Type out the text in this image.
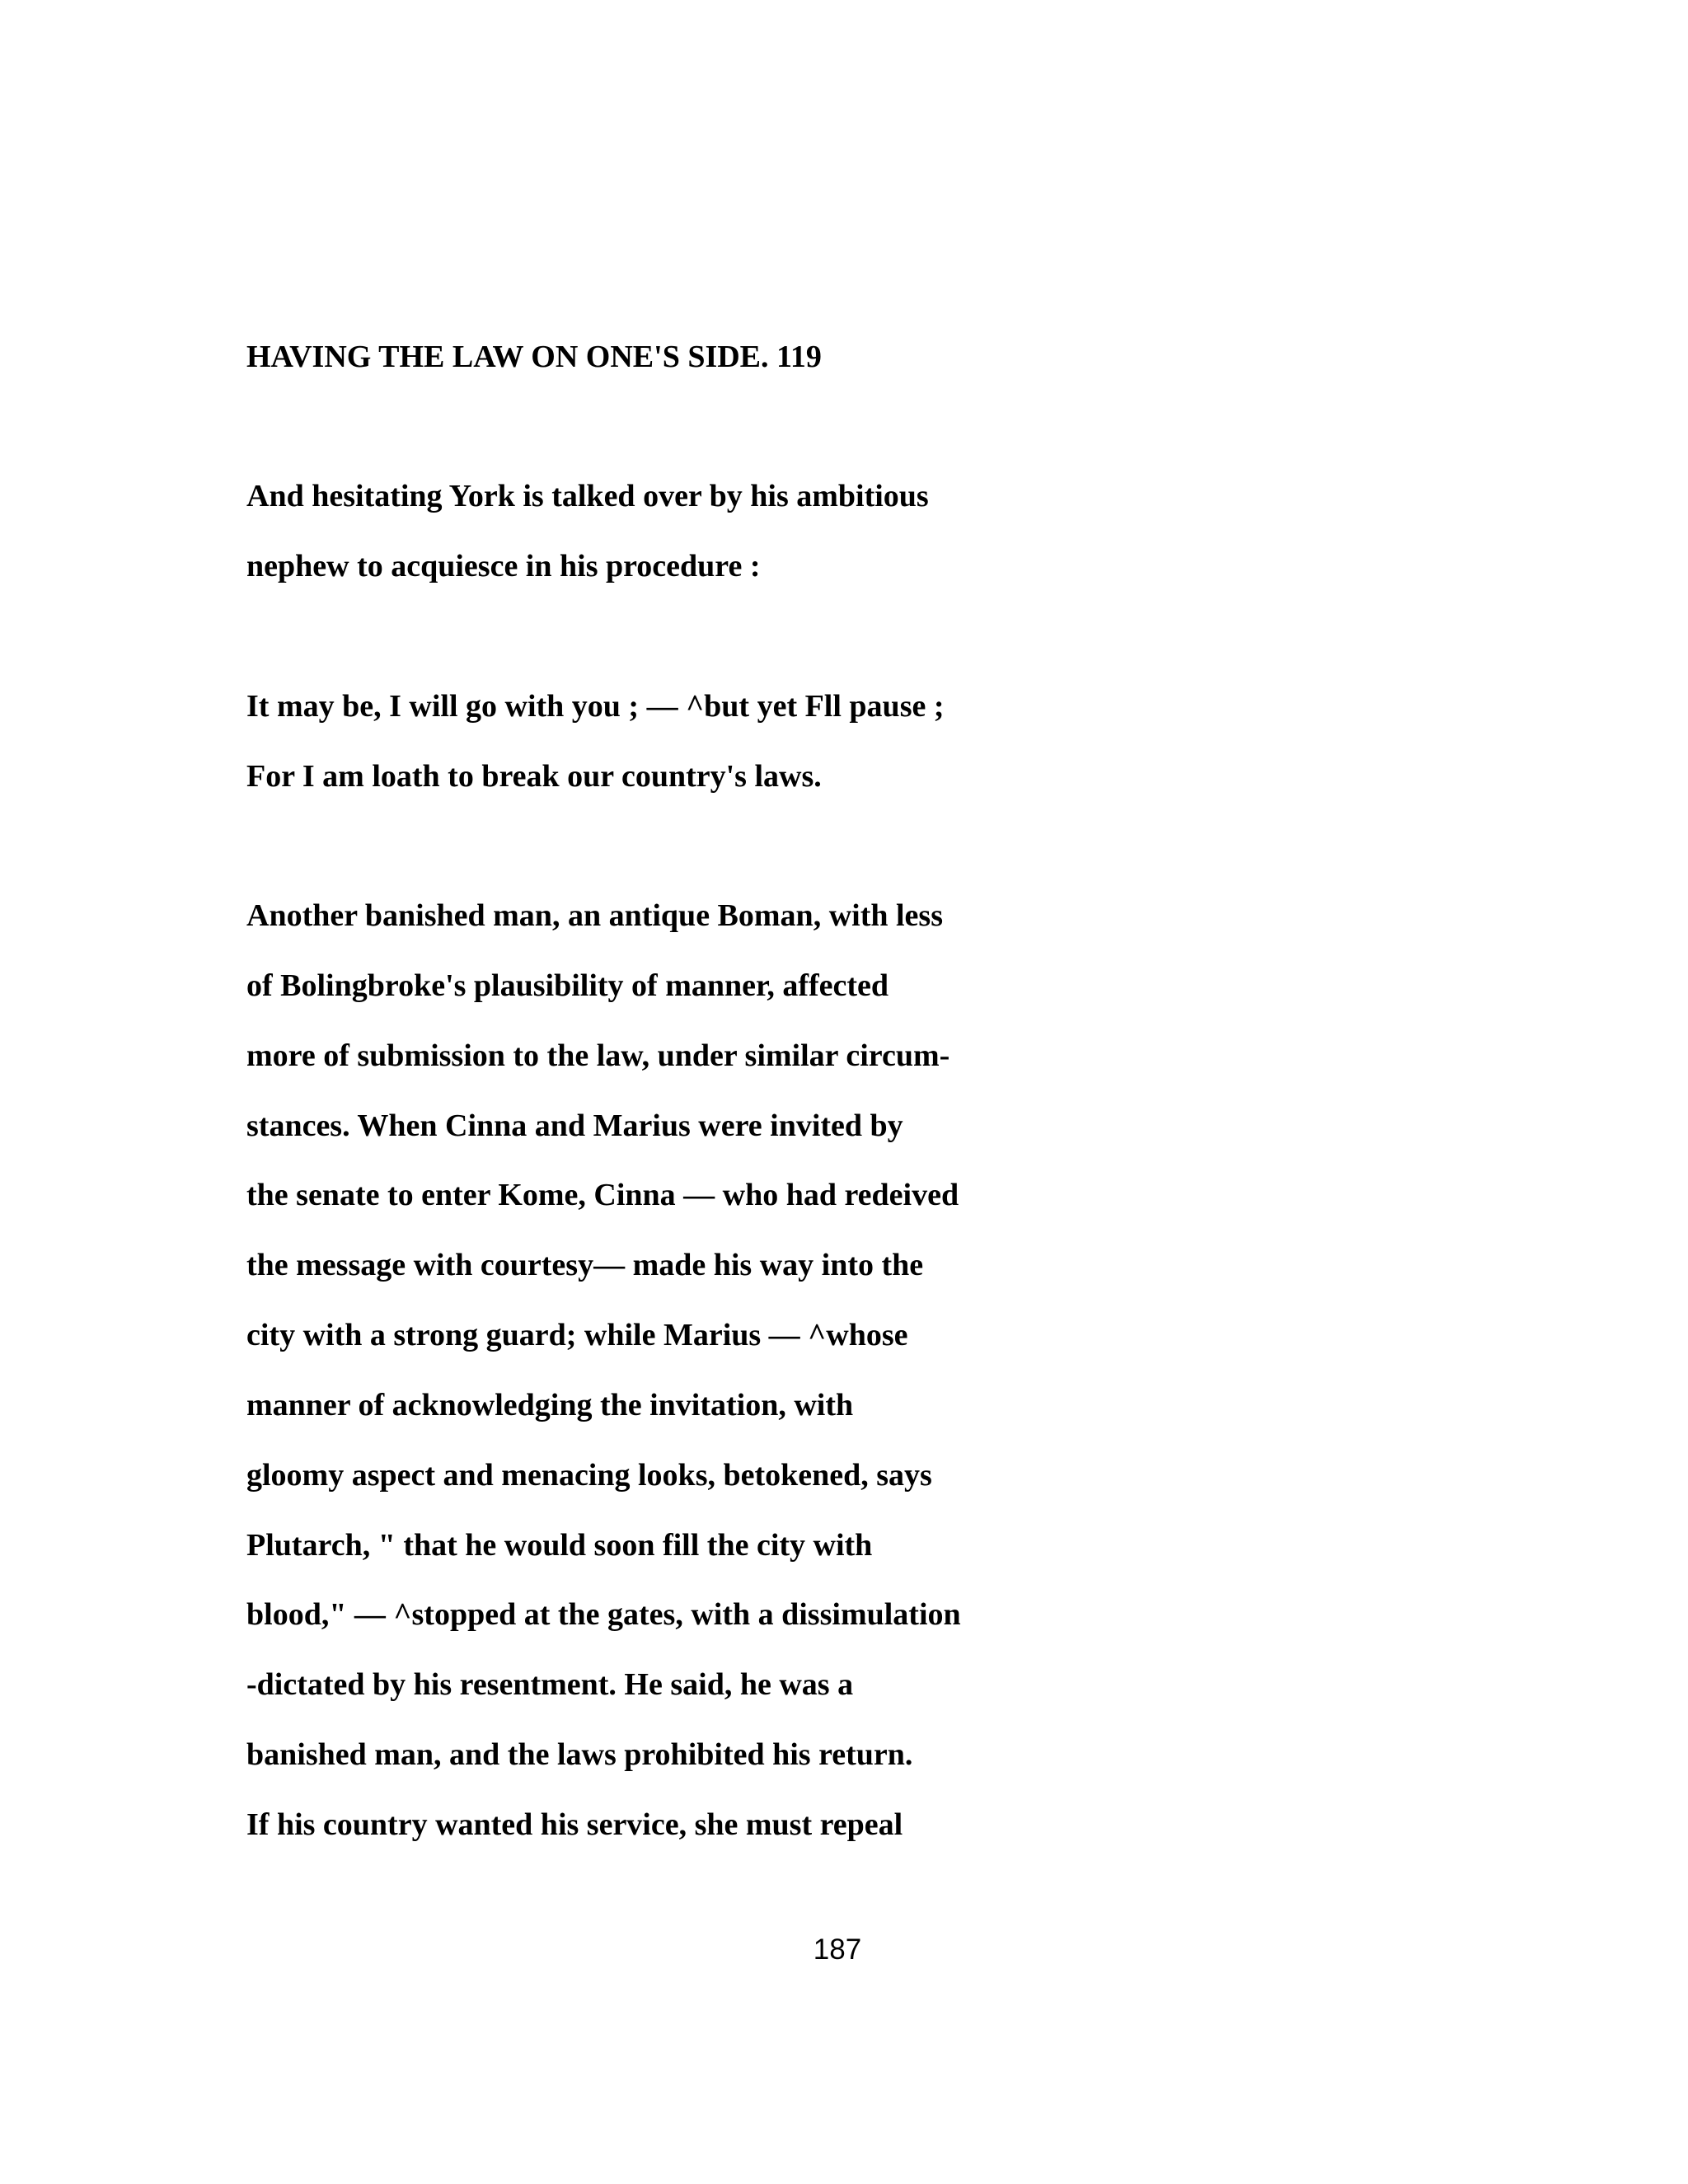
HAVING THE LAW ON ONE'S SIDE. 119

And hesitating York is talked over by his ambitious

nephew to acquiesce in his procedure :

It may be, I will go with you ; — ^but yet Fll pause ;

For I am loath to break our country's laws.

Another banished man, an antique Boman, with less

of Bolingbroke's plausibility of manner, affected

more of submission to the law, under similar circum-

stances. When Cinna and Marius were invited by

the senate to enter Kome, Cinna — who had redeived

the message with courtesy— made his way into the

city with a strong guard; while Marius — ^whose

manner of acknowledging the invitation, with

gloomy aspect and menacing looks, betokened, says

Plutarch, " that he would soon fill the city with

blood," — ^stopped at the gates, with a dissimulation

-dictated by his resentment. He said, he was a

banished man, and the laws prohibited his return.

If his country wanted his service, she must repeal

187
